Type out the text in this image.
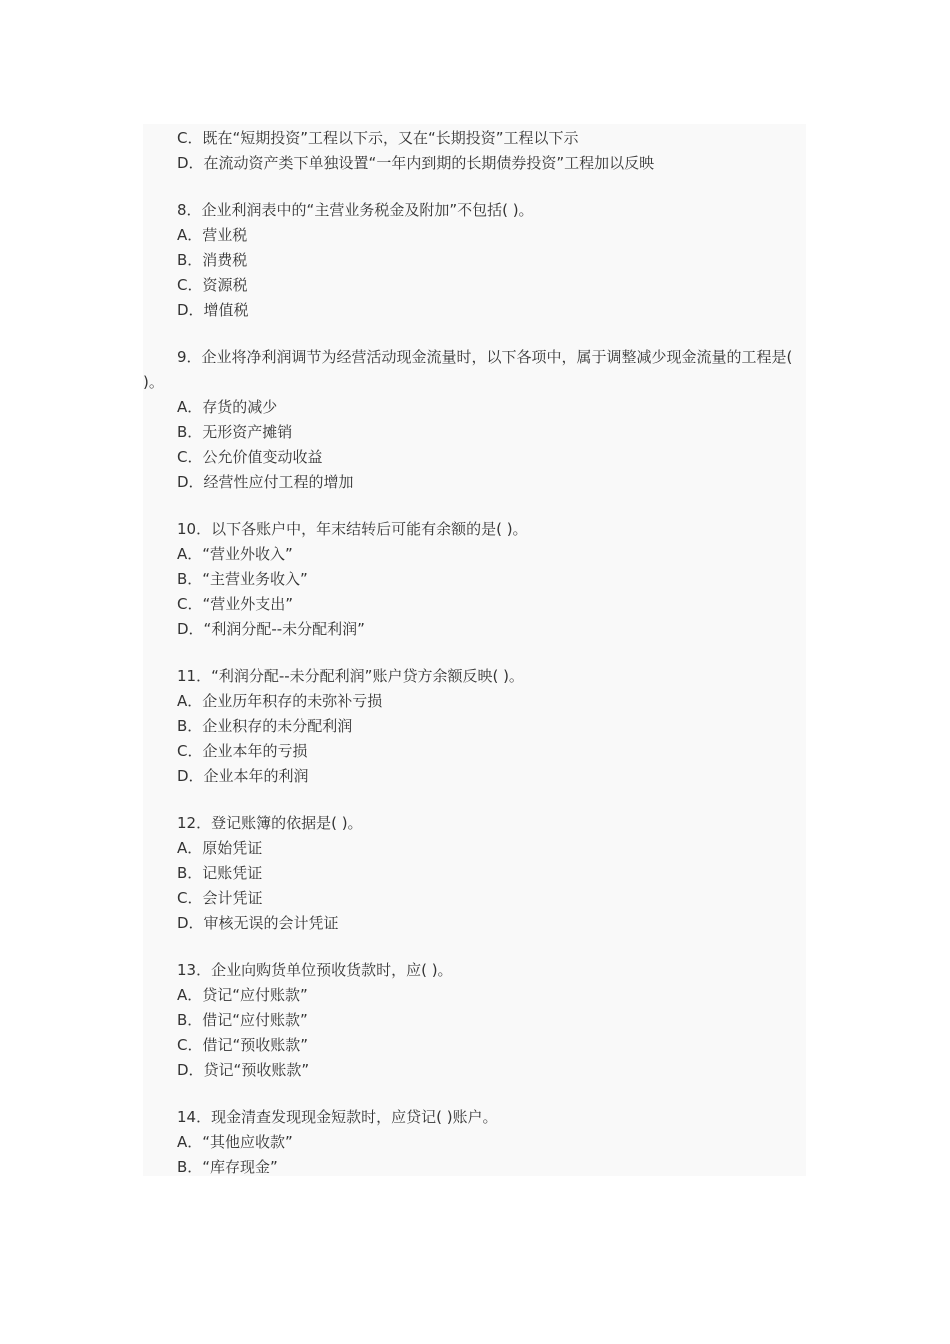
C．既在“短期投资”工程以下示，又在“长期投资”工程以下示
D．在流动资产类下单独设置“一年内到期的长期债券投资”工程加以反映
8．企业利润表中的“主营业务税金及附加”不包括( )。
A．营业税
B．消费税
C．资源税
D．增值税
9．企业将净利润调节为经营活动现金流量时，以下各项中，属于调整减少现金流量的工程是( )。
A．存货的减少
B．无形资产摊销
C．公允价值变动收益
D．经营性应付工程的增加
10．以下各账户中，年末结转后可能有余额的是( )。
A．“营业外收入”
B．“主营业务收入”
C．“营业外支出”
D．“利润分配--未分配利润”
11．“利润分配--未分配利润”账户贷方余额反映( )。
A．企业历年积存的未弥补亏损
B．企业积存的未分配利润
C．企业本年的亏损
D．企业本年的利润
12．登记账簿的依据是( )。
A．原始凭证
B．记账凭证
C．会计凭证
D．审核无误的会计凭证
13．企业向购货单位预收货款时，应( )。
A．贷记“应付账款”
B．借记“应付账款”
C．借记“预收账款”
D．贷记“预收账款”
14．现金清查发现现金短款时，应贷记( )账户。
A．“其他应收款”
B．“库存现金”
